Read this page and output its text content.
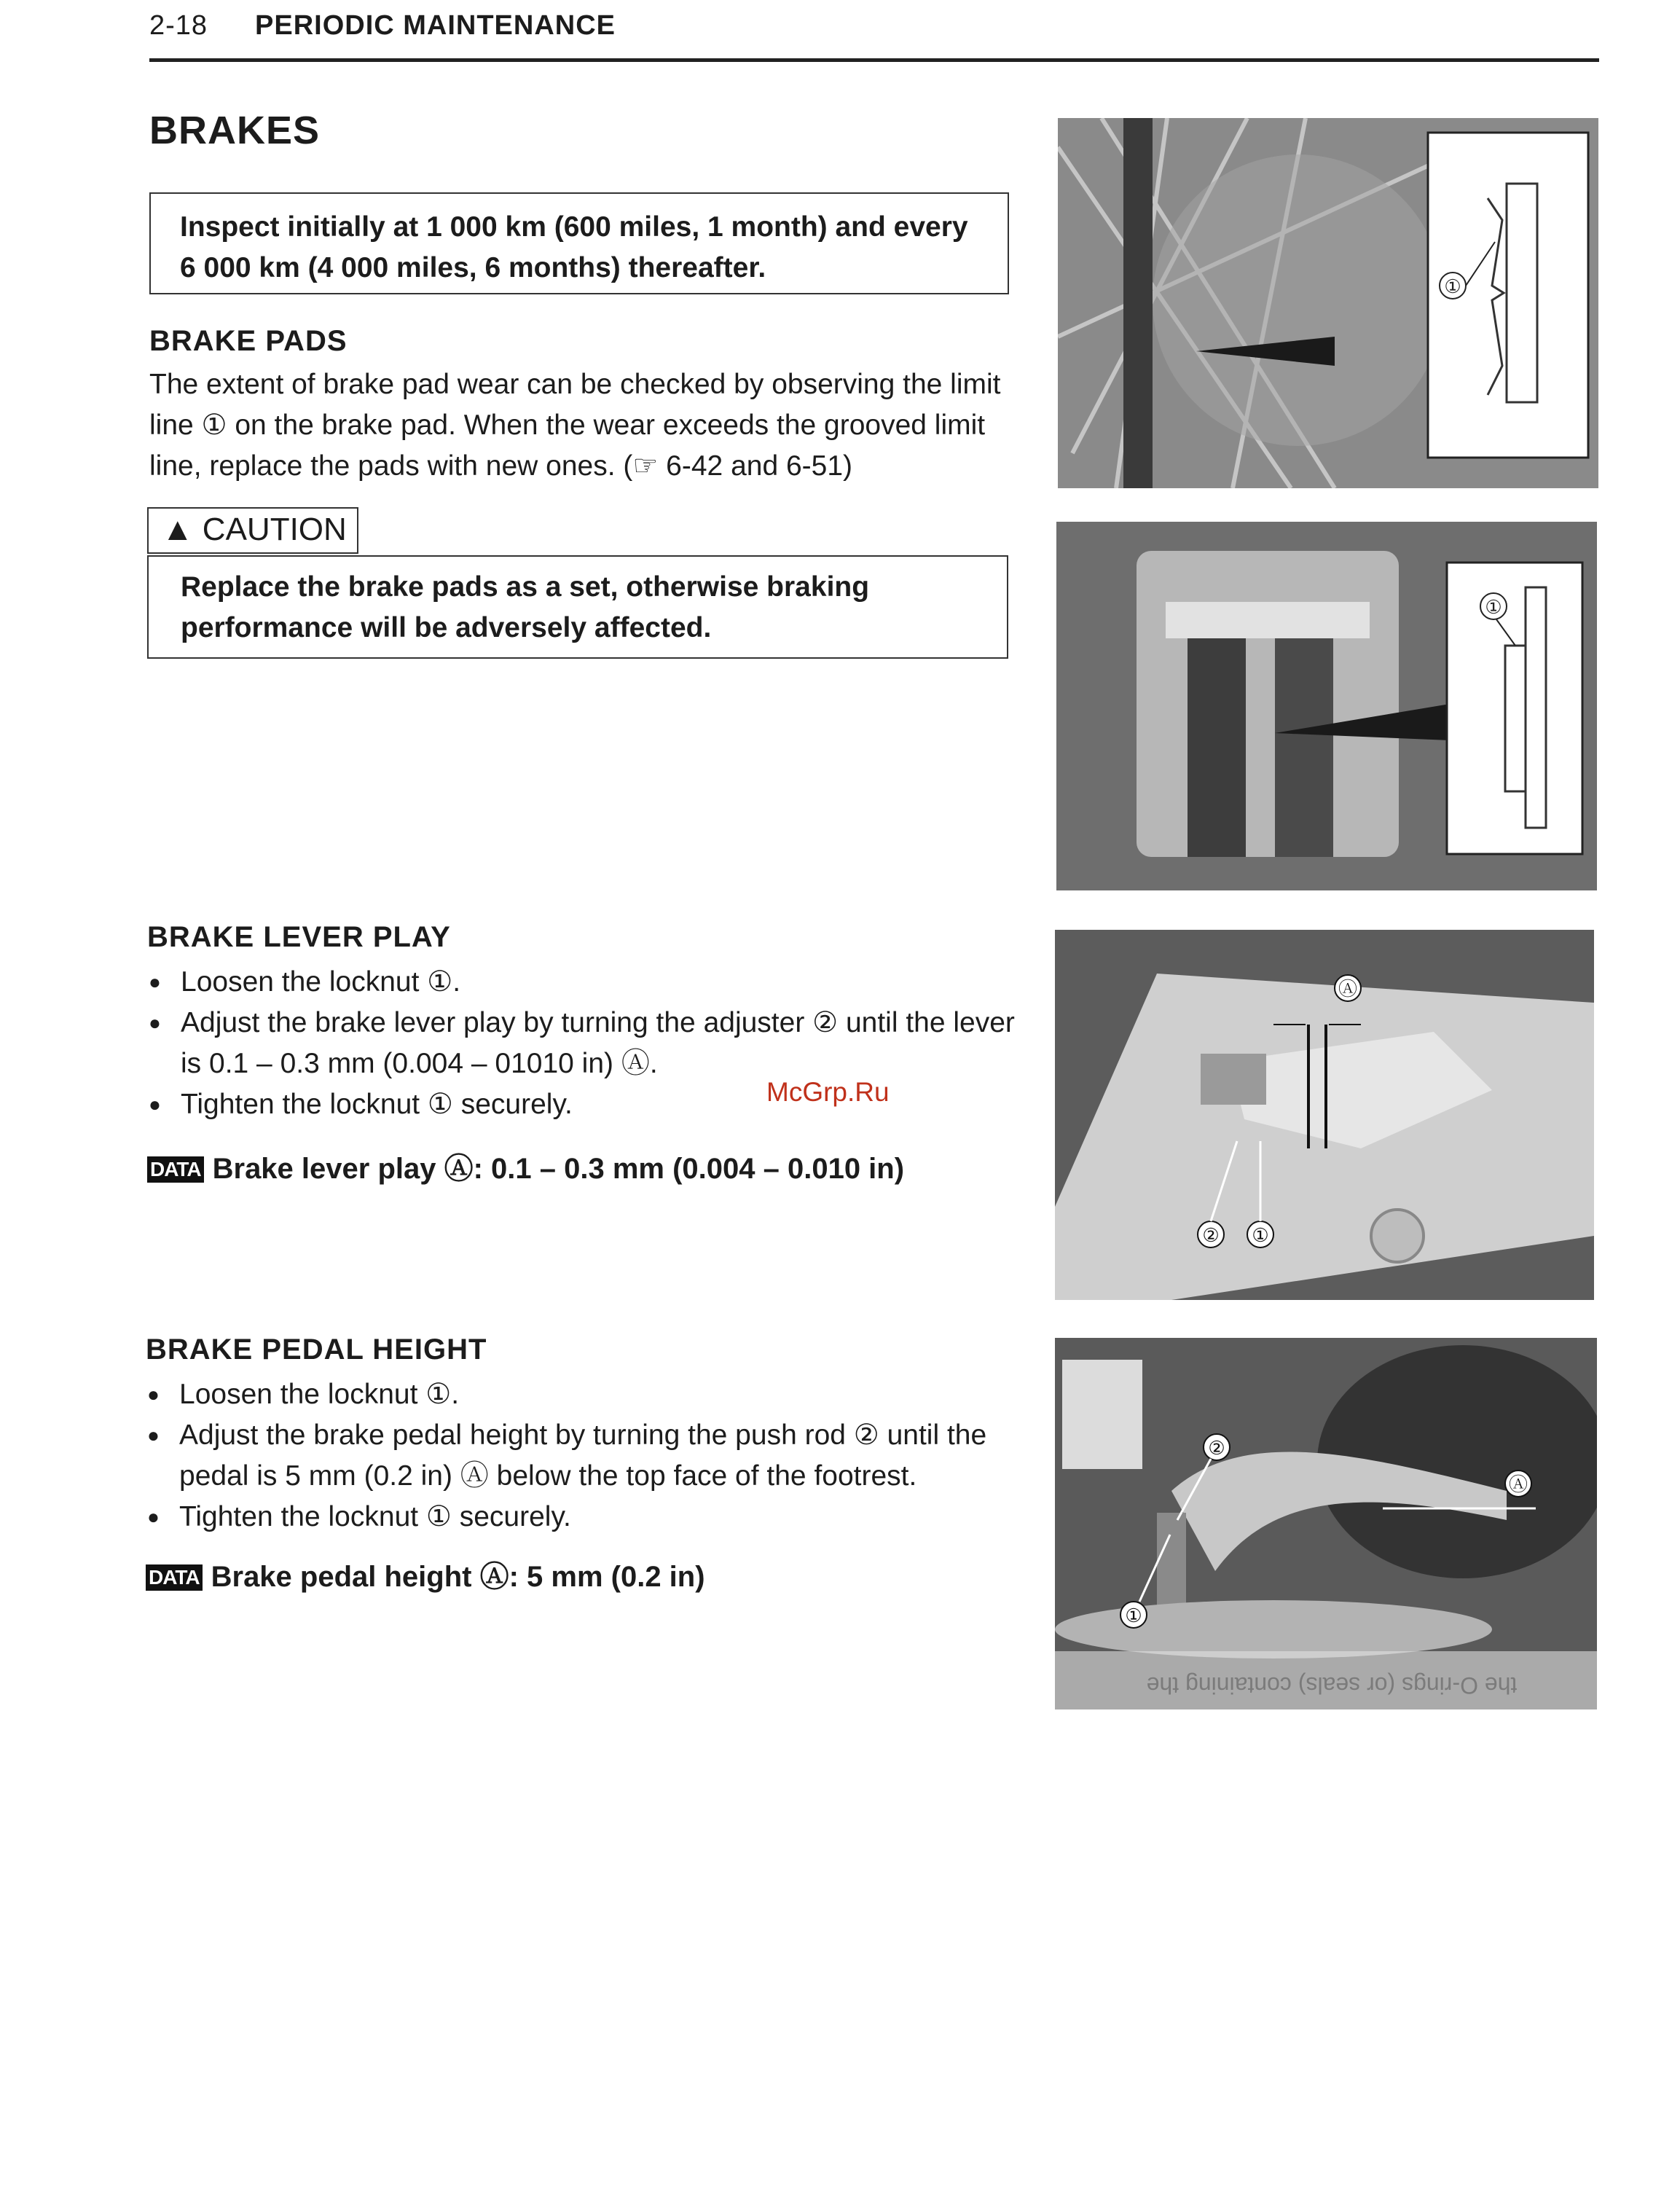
2-18 PERIODIC MAINTENANCE
BRAKES
Inspect initially at 1 000 km (600 miles, 1 month) and every 6 000 km (4 000 miles, 6 months) thereafter.
BRAKE PADS
The extent of brake pad wear can be checked by observing the limit line ① on the brake pad. When the wear exceeds the grooved limit line, replace the pads with new ones. (☞ 6-42 and 6-51)
▲ CAUTION
Replace the brake pads as a set, otherwise braking performance will be adversely affected.
BRAKE LEVER PLAY
● Loosen the locknut ①.
● Adjust the brake lever play by turning the adjuster ② until the lever is 0.1 – 0.3 mm (0.004 – 01010 in) Ⓐ.
● Tighten the locknut ① securely.
DATA Brake lever play Ⓐ: 0.1 – 0.3 mm (0.004 – 0.010 in)
McGrp.Ru
BRAKE PEDAL HEIGHT
● Loosen the locknut ①.
● Adjust the brake pedal height by turning the push rod ② until the pedal is 5 mm (0.2 in) Ⓐ below the top face of the footrest.
● Tighten the locknut ① securely.
DATA Brake pedal height Ⓐ: 5 mm (0.2 in)
①
①
Ⓐ
② ①
the O-rings (or seals) containing the
Ⓐ
②
①
